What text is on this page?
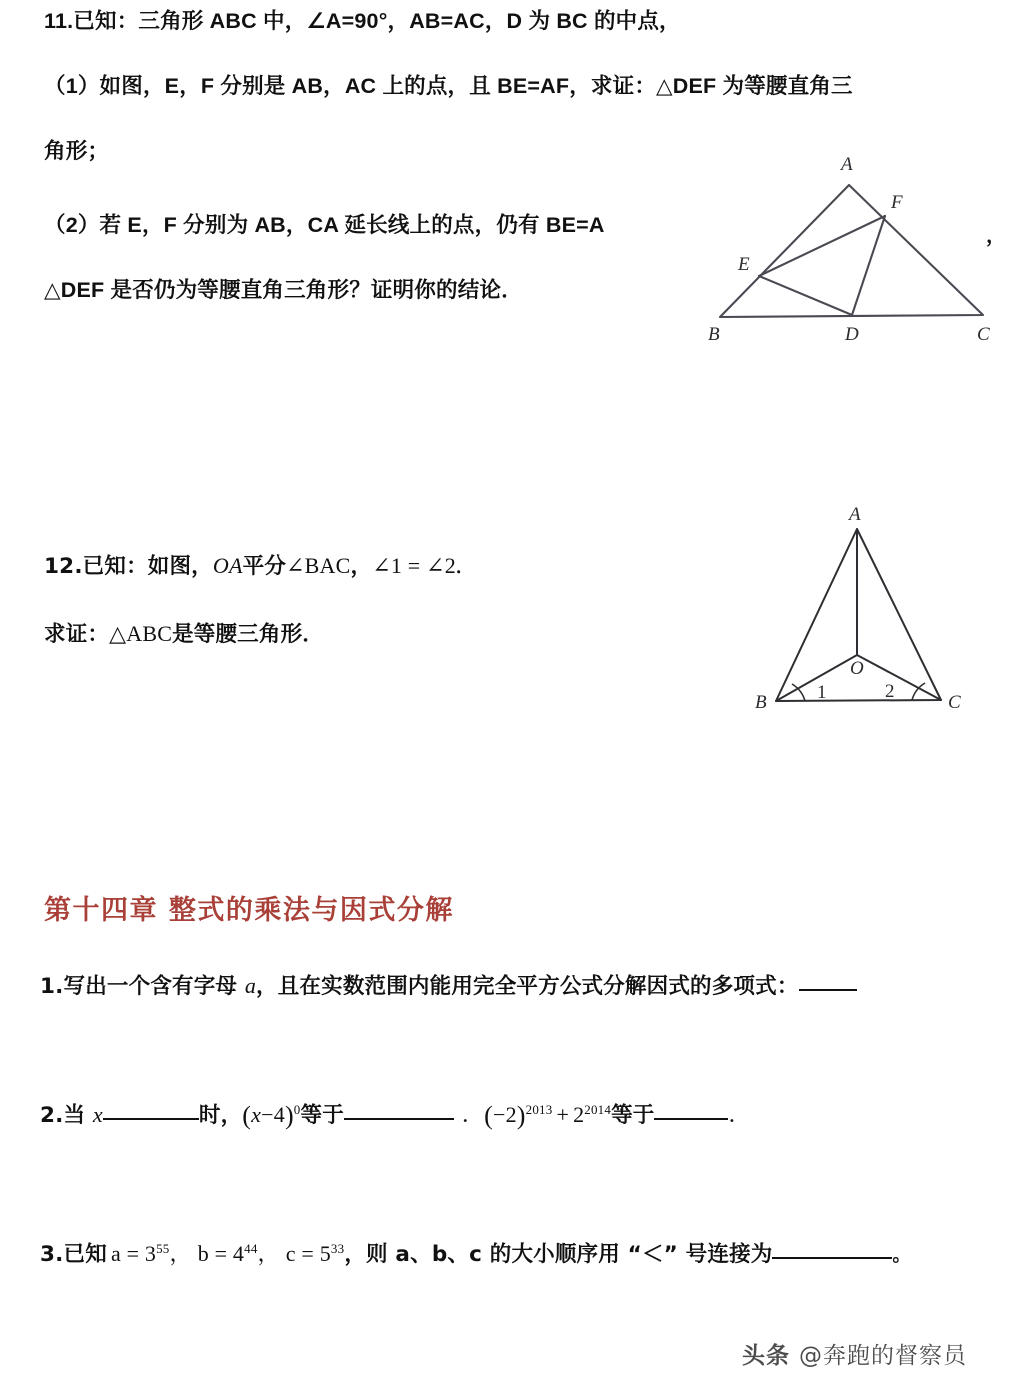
11.已知：三角形 ABC 中，∠A=90°，AB=AC，D 为 BC 的中点，
（1）如图，E，F 分别是 AB，AC 上的点，且 BE=AF，求证：△DEF 为等腰直角三
角形；
（2）若 E，F 分别为 AB，CA 延长线上的点，仍有 BE=A	，
△DEF 是否仍为等腰直角三角形？证明你的结论．
A
B	C
D
E
F
12.已知：如图，OA平分∠BAC，∠1 = ∠2．
求证：△ABC是等腰三角形．
A
B	C
O
1	2
第十四章 整式的乘法与因式分解
1.写出一个含有字母 a，且在实数范围内能用完全平方公式分解因式的多项式：
2.当 x	时，$(x-4)^0$等于	．$(-2)^{2013} + 2^{2014}$等于	．
3.已知 $a = 3^{55}$， $b = 4^{44}$， $c = 5^{33}$，则 a、b、c 的大小顺序用 “＜” 号连接为	。
头条 @奔跑的督察员
